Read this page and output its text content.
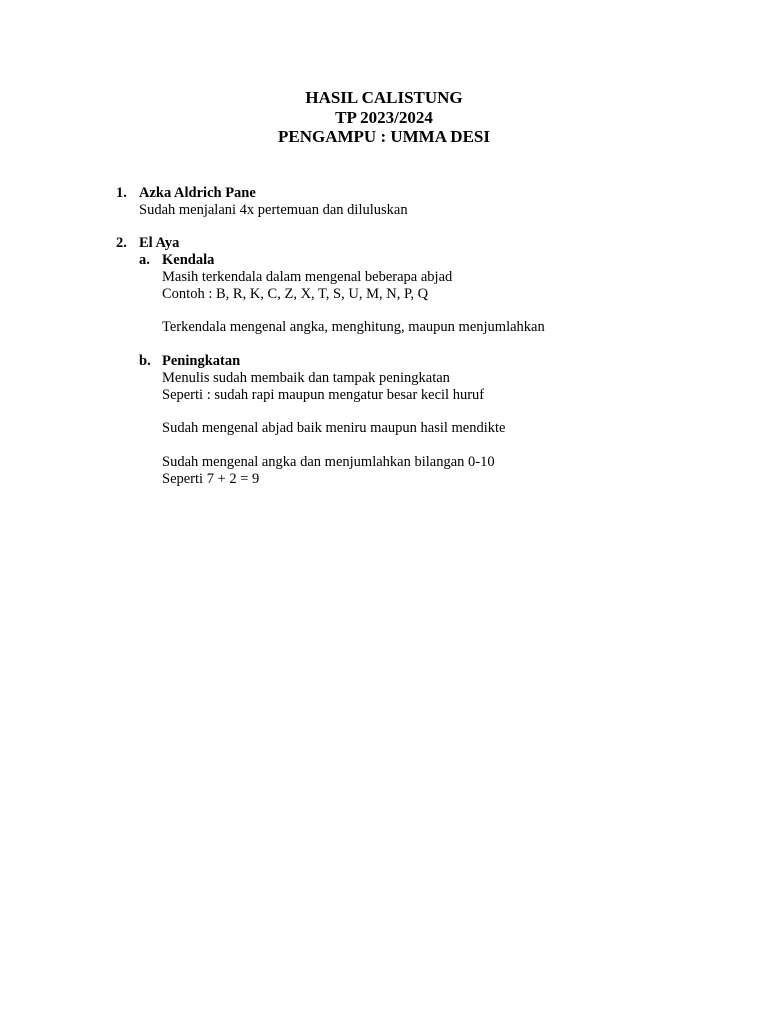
HASIL CALISTUNG
TP 2023/2024
PENGAMPU : UMMA DESI
1. Azka Aldrich Pane
Sudah menjalani 4x pertemuan dan diluluskan
2. El Aya
a. Kendala
Masih terkendala dalam mengenal beberapa abjad
Contoh : B, R, K, C, Z, X, T, S, U, M, N, P, Q
Terkendala mengenal angka, menghitung, maupun menjumlahkan
b. Peningkatan
Menulis sudah membaik dan tampak peningkatan
Seperti : sudah rapi maupun mengatur besar kecil huruf
Sudah mengenal abjad baik meniru maupun hasil mendikte
Sudah mengenal angka dan menjumlahkan bilangan 0-10
Seperti 7 + 2 = 9
